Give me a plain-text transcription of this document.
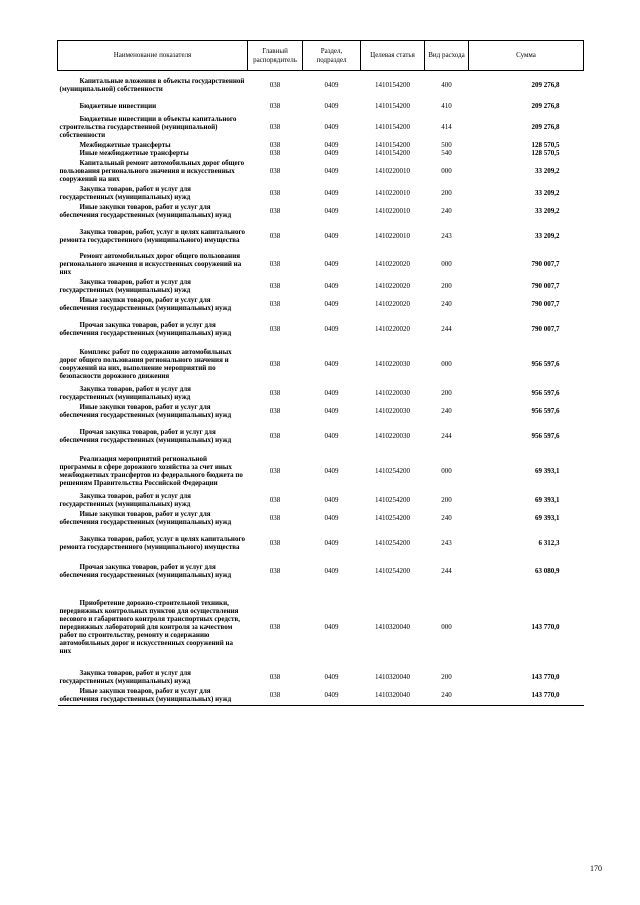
Наименование показателя	Главный распорядитель	Раздел, подраздел	Целевая статья	Вид расхода	Сумма

Капитальные вложения в объекты государственной (муниципальной) собственности	038	0409	1410154200	400	209 276,8

Бюджетные инвестиции	038	0409	1410154200	410	209 276,8

Бюджетные инвестиции в объекты капитального строительства государственной (муниципальной) собственности	038	0409	1410154200	414	209 276,8

Межбюджетные трансферты	038	0409	1410154200	500	128 570,5

Иные межбюджетные трансферты	038	0409	1410154200	540	128 570,5

Капитальный ремонт автомобильных дорог общего пользования регионального значения и искусственных сооружений на них	038	0409	1410220010	000	33 209,2

Закупка товаров, работ и услуг для государственных (муниципальных) нужд	038	0409	1410220010	200	33 209,2

Иные закупки товаров, работ и услуг для обеспечения государственных (муниципальных) нужд	038	0409	1410220010	240	33 209,2

Закупка товаров, работ, услуг в целях капитального ремонта государственного (муниципального) имущества	038	0409	1410220010	243	33 209,2

Ремонт автомобильных дорог общего пользования регионального значения и искусственных сооружений на них	038	0409	1410220020	000	790 007,7

Закупка товаров, работ и услуг для государственных (муниципальных) нужд	038	0409	1410220020	200	790 007,7

Иные закупки товаров, работ и услуг для обеспечения государственных (муниципальных) нужд	038	0409	1410220020	240	790 007,7

Прочая закупка товаров, работ и услуг для обеспечения государственных (муниципальных) нужд	038	0409	1410220020	244	790 007,7

Комплекс работ по содержанию автомобильных дорог общего пользования регионального значения и сооружений на них, выполнение мероприятий по безопасности дорожного движения	038	0409	1410220030	000	956 597,6

Закупка товаров, работ и услуг для государственных (муниципальных) нужд	038	0409	1410220030	200	956 597,6

Иные закупки товаров, работ и услуг для обеспечения государственных (муниципальных) нужд	038	0409	1410220030	240	956 597,6

Прочая закупка товаров, работ и услуг для обеспечения государственных (муниципальных) нужд	038	0409	1410220030	244	956 597,6

Реализация мероприятий региональной программы в сфере дорожного хозяйства за счет иных межбюджетных трансфертов из федерального бюджета по решениям Правительства Российской Федерации	038	0409	1410254200	000	69 393,1

Закупка товаров, работ и услуг для государственных (муниципальных) нужд	038	0409	1410254200	200	69 393,1

Иные закупки товаров, работ и услуг для обеспечения государственных (муниципальных) нужд	038	0409	1410254200	240	69 393,1

Закупка товаров, работ, услуг в целях капитального ремонта государственного (муниципального) имущества	038	0409	1410254200	243	6 312,3

Прочая закупка товаров, работ и услуг для обеспечения государственных (муниципальных) нужд	038	0409	1410254200	244	63 080,9

Приобретение дорожно-строительной техники, передвижных контрольных пунктов для осуществления весового и габаритного контроля транспортных средств, передвижных лабораторий для контроля за качеством работ по строительству, ремонту и содержанию автомобильных дорог и искусственных сооружений на них	038	0409	1410320040	000	143 770,0

Закупка товаров, работ и услуг для государственных (муниципальных) нужд	038	0409	1410320040	200	143 770,0

Иные закупки товаров, работ и услуг для обеспечения государственных (муниципальных) нужд	038	0409	1410320040	240	143 770,0
170
